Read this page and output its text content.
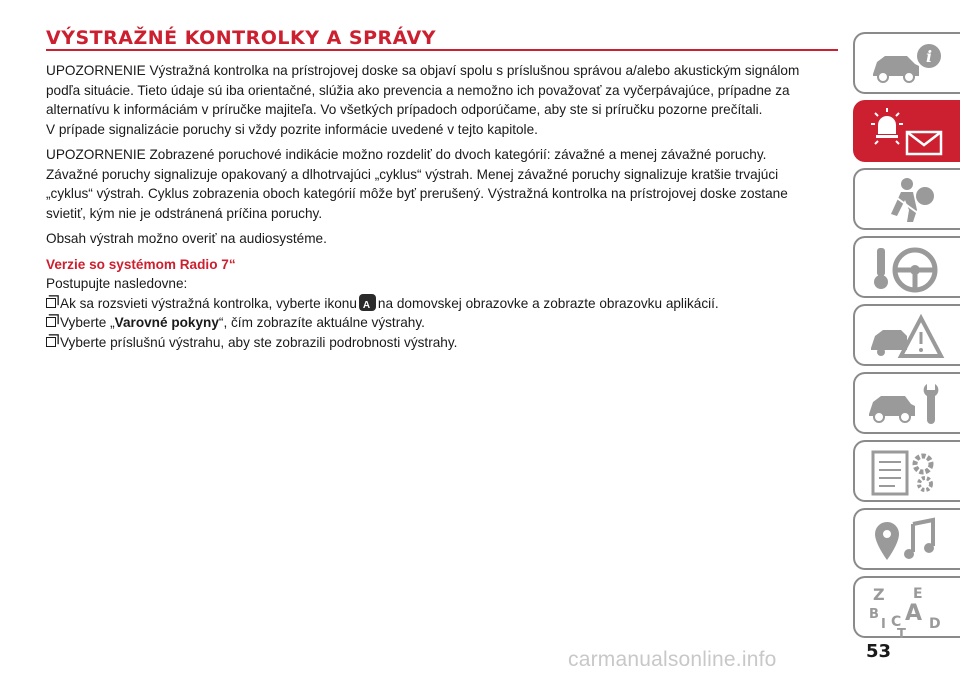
VÝSTRAŽNÉ KONTROLKY A SPRÁVY
UPOZORNENIE Výstražná kontrolka na prístrojovej doske sa objaví spolu s príslušnou správou a/alebo akustickým signálom
podľa situácie. Tieto údaje sú iba orientačné, slúžia ako prevencia a nemožno ich považovať za vyčerpávajúce, prípadne za
alternatívu k informáciám v príručke majiteľa. Vo všetkých prípadoch odporúčame, aby ste si príručku pozorne prečítali.
V prípade signalizácie poruchy si vždy pozrite informácie uvedené v tejto kapitole.
UPOZORNENIE Zobrazené poruchové indikácie možno rozdeliť do dvoch kategórií: závažné a menej závažné poruchy.
Závažné poruchy signalizuje opakovaný a dlhotrvajúci „cyklus“ výstrah. Menej závažné poruchy signalizuje kratšie trvajúci
„cyklus“ výstrah. Cyklus zobrazenia oboch kategórií môže byť prerušený. Výstražná kontrolka na prístrojovej doske zostane
svietiť, kým nie je odstránená príčina poruchy.
Obsah výstrah možno overiť na audiosystéme.
Verzie so systémom Radio 7“
Postupujte nasledovne:
Ak sa rozsvieti výstražná kontrolka, vyberte ikonuA na domovskej obrazovke a zobrazte obrazovku aplikácií.
Vyberte „Varovné pokyny“, čím zobrazíte aktuálne výstrahy.
Vyberte príslušnú výstrahu, aby ste zobrazili podrobnosti výstrahy.
i
Z E
B A
I C D
T
carmanualsonline.info	53
